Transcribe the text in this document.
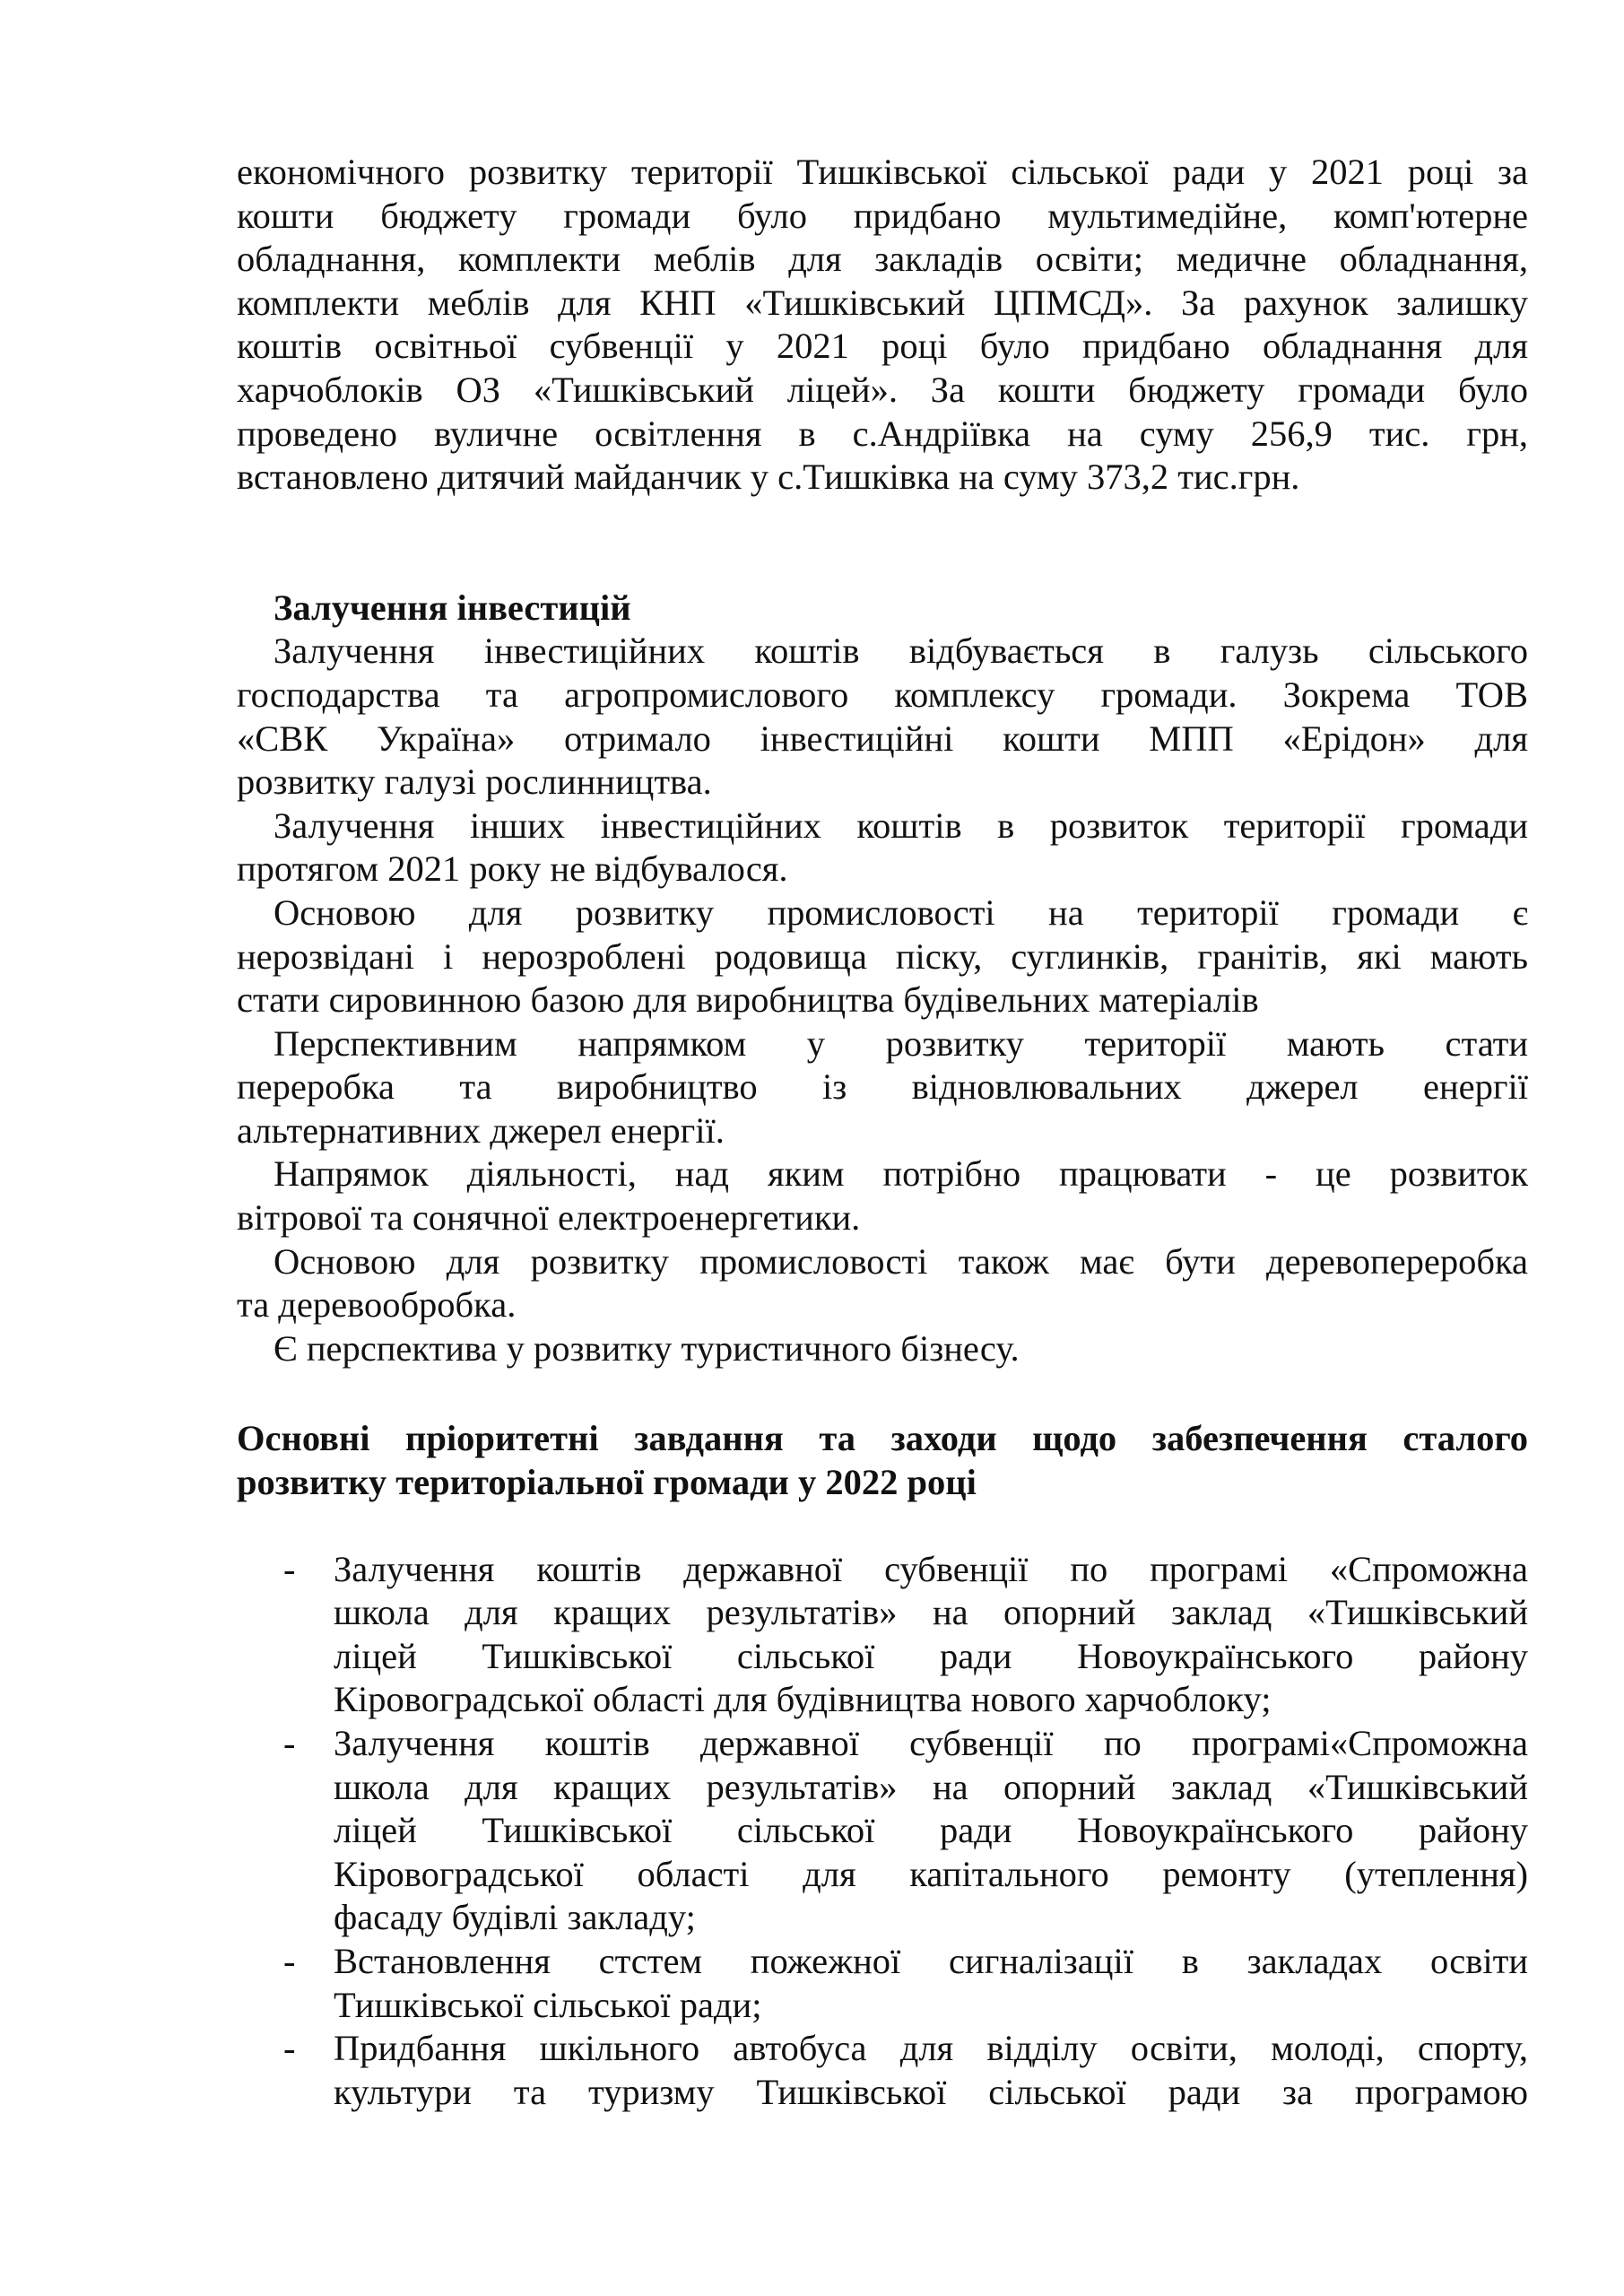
економічного розвитку території Тишківської сільської ради у 2021 році за
кошти бюджету громади було придбано мультимедійне, комп'ютерне
обладнання, комплекти меблів для закладів освіти; медичне обладнання,
комплекти меблів для КНП «Тишківський ЦПМСД». За рахунок залишку
коштів освітньої субвенції у 2021 році було придбано обладнання для
харчоблоків ОЗ «Тишківський ліцей». За кошти бюджету громади було
проведено вуличне освітлення в с.Андріївка на суму 256,9 тис. грн,
встановлено дитячий майданчик у с.Тишківка на суму 373,2 тис.грн.
Залучення інвестицій
Залучення інвестиційних коштів відбувається в галузь сільського
господарства та агропромислового комплексу громади. Зокрема ТОВ
«СВК Україна» отримало інвестиційні кошти МПП «Ерідон» для
розвитку галузі рослинництва.
Залучення інших інвестиційних коштів в розвиток території громади
протягом 2021 року не відбувалося.
Основою для розвитку промисловості на території громади є
нерозвідані і нерозроблені родовища піску, суглинків, гранітів, які мають
стати сировинною базою для виробництва будівельних матеріалів
Перспективним напрямком у розвитку території мають стати
переробка та виробництво із відновлювальних джерел енергії
альтернативних джерел енергії.
Напрямок діяльності, над яким потрібно працювати - це розвиток
вітрової та сонячної електроенергетики.
Основою для розвитку промисловості також має бути деревопереробка
та деревообробка.
Є перспектива у розвитку туристичного бізнесу.
Основні пріоритетні завдання та заходи щодо забезпечення сталого
розвитку територіальної громади у 2022 році
-	Залучення коштів державної субвенції по програмі «Спроможна
школа для кращих результатів» на опорний заклад «Тишківський
ліцей Тишківської сільської ради Новоукраїнського району
Кіровоградської області для будівництва нового харчоблоку;
-	Залучення коштів державної субвенції по програмі«Спроможна
школа для кращих результатів» на опорний заклад «Тишківський
ліцей Тишківської сільської ради Новоукраїнського району
Кіровоградської області для капітального ремонту (утеплення)
фасаду будівлі закладу;
-	Встановлення стстем пожежної сигналізації в закладах освіти
Тишківської сільської ради;
-	Придбання шкільного автобуса для відділу освіти, молоді, спорту,
культури та туризму Тишківської сільської ради за програмою
